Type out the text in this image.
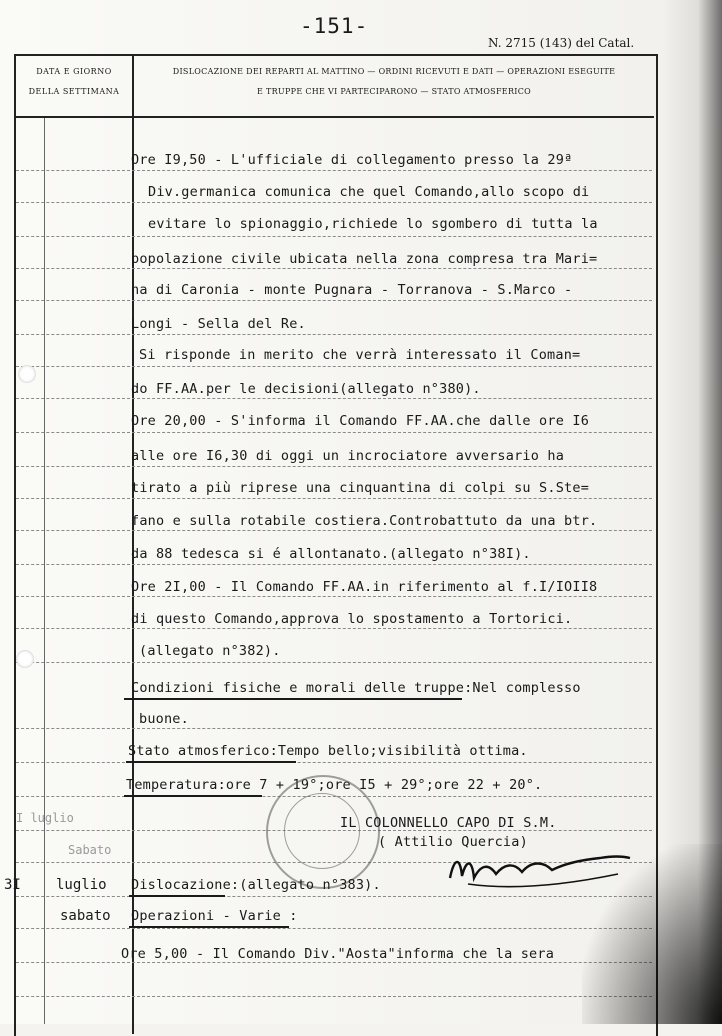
-151-
N. 2715 (143) del Catal.
DATA E GIORNO
DELLA SETTIMANA
DISLOCAZIONE DEI REPARTI AL MATTINO — ORDINI RICEVUTI E DATI — OPERAZIONI ESEGUITE
E TRUPPE CHE VI PARTECIPARONO — STATO ATMOSFERICO
Ore I9,50 - L'ufficiale di collegamento presso la 29ª
Div.germanica comunica che quel Comando,allo scopo di
evitare lo spionaggio,richiede lo sgombero di tutta la
popolazione civile ubicata nella zona compresa tra Mari=
na di Caronia - monte Pugnara - Torranova - S.Marco -
Longi - Sella del Re.
Si risponde in merito che verrà interessato il Coman=
do FF.AA.per le decisioni(allegato n°380).
Ore 20,00 - S'informa il Comando FF.AA.che dalle ore I6
alle ore I6,30 di oggi un incrociatore avversario ha
tirato a più riprese una cinquantina di colpi su S.Ste=
fano e sulla rotabile costiera.Controbattuto da una btr.
da 88 tedesca si é allontanato.(allegato n°38I).
Ore 2I,00 - Il Comando FF.AA.in riferimento al f.I/IOII8
di questo Comando,approva lo spostamento a Tortorici.
(allegato n°382).
Condizioni fisiche e morali delle truppe:Nel complesso
buone.
Stato atmosferico:Tempo bello;visibilità ottima.
Temperatura:ore 7 + 19°;ore I5 + 29°;ore 22 + 20°.
IL COLONNELLO CAPO DI S.M.
( Attilio Quercia)
I luglio
Sabato
3I	luglio
sabato
Dislocazione:(allegato n°383).
Operazioni - Varie :
Ore 5,00 - Il Comando Div."Aosta"informa che la sera
